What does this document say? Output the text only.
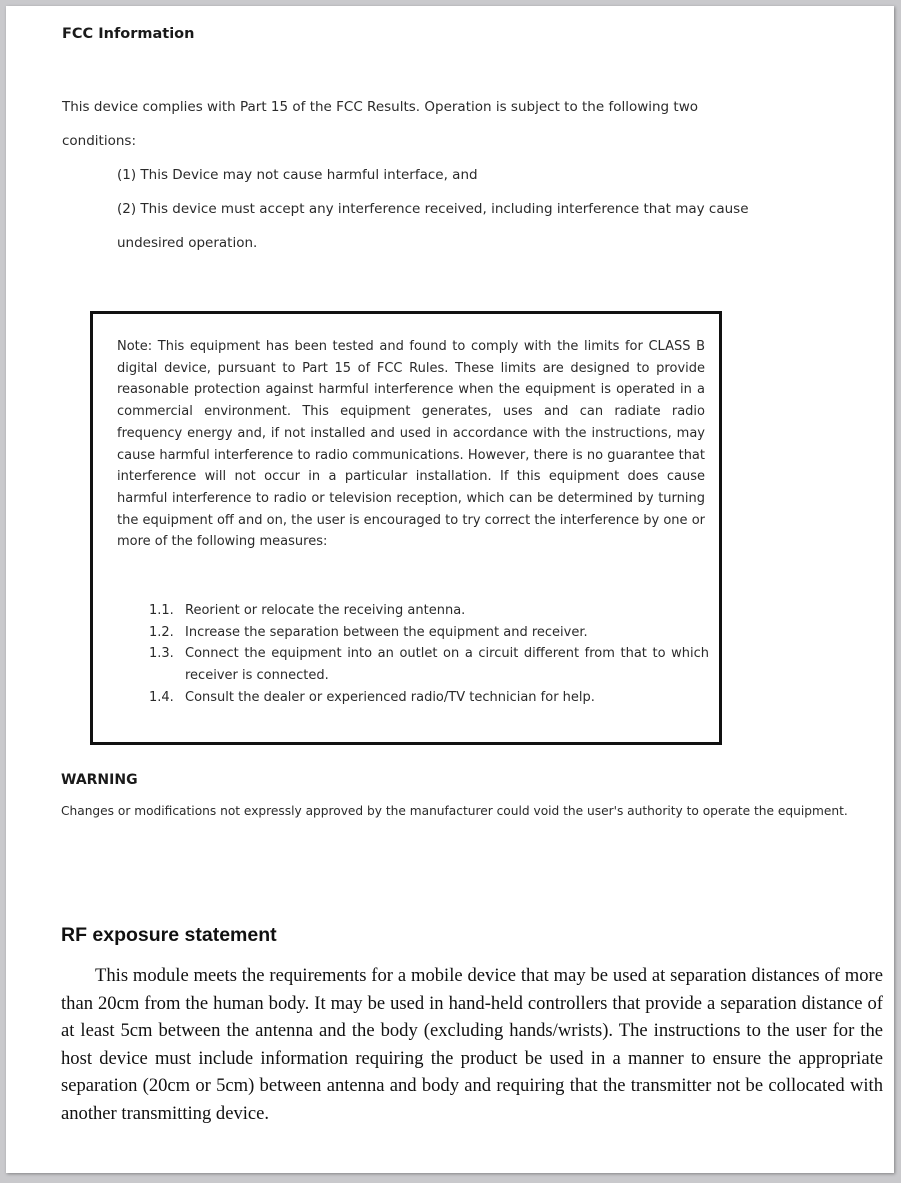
FCC Information

This device complies with Part 15 of the FCC Results. Operation is subject to the following two conditions:

(1) This Device may not cause harmful interface, and
(2) This device must accept any interference received, including interference that may cause undesired operation.

Note: This equipment has been tested and found to comply with the limits for CLASS B digital device, pursuant to Part 15 of FCC Rules. These limits are designed to provide reasonable protection against harmful interference when the equipment is operated in a commercial environment. This equipment generates, uses and can radiate radio frequency energy and, if not installed and used in accordance with the instructions, may cause harmful interference to radio communications. However, there is no guarantee that interference will not occur in a particular installation. If this equipment does cause harmful interference to radio or television reception, which can be determined by turning the equipment off and on, the user is encouraged to try correct the interference by one or more of the following measures:

1.1. Reorient or relocate the receiving antenna.
1.2. Increase the separation between the equipment and receiver.
1.3. Connect the equipment into an outlet on a circuit different from that to which receiver is connected.
1.4. Consult the dealer or experienced radio/TV technician for help.
WARNING

Changes or modifications not expressly approved by the manufacturer could void the user's authority to operate the equipment.

RF exposure statement

This module meets the requirements for a mobile device that may be used at separation distances of more than 20cm from the human body. It may be used in hand-held controllers that provide a separation distance of at least 5cm between the antenna and the body (excluding hands/wrists). The instructions to the user for the host device must include information requiring the product be used in a manner to ensure the appropriate separation (20cm or 5cm) between antenna and body and requiring that the transmitter not be collocated with another transmitting device.
